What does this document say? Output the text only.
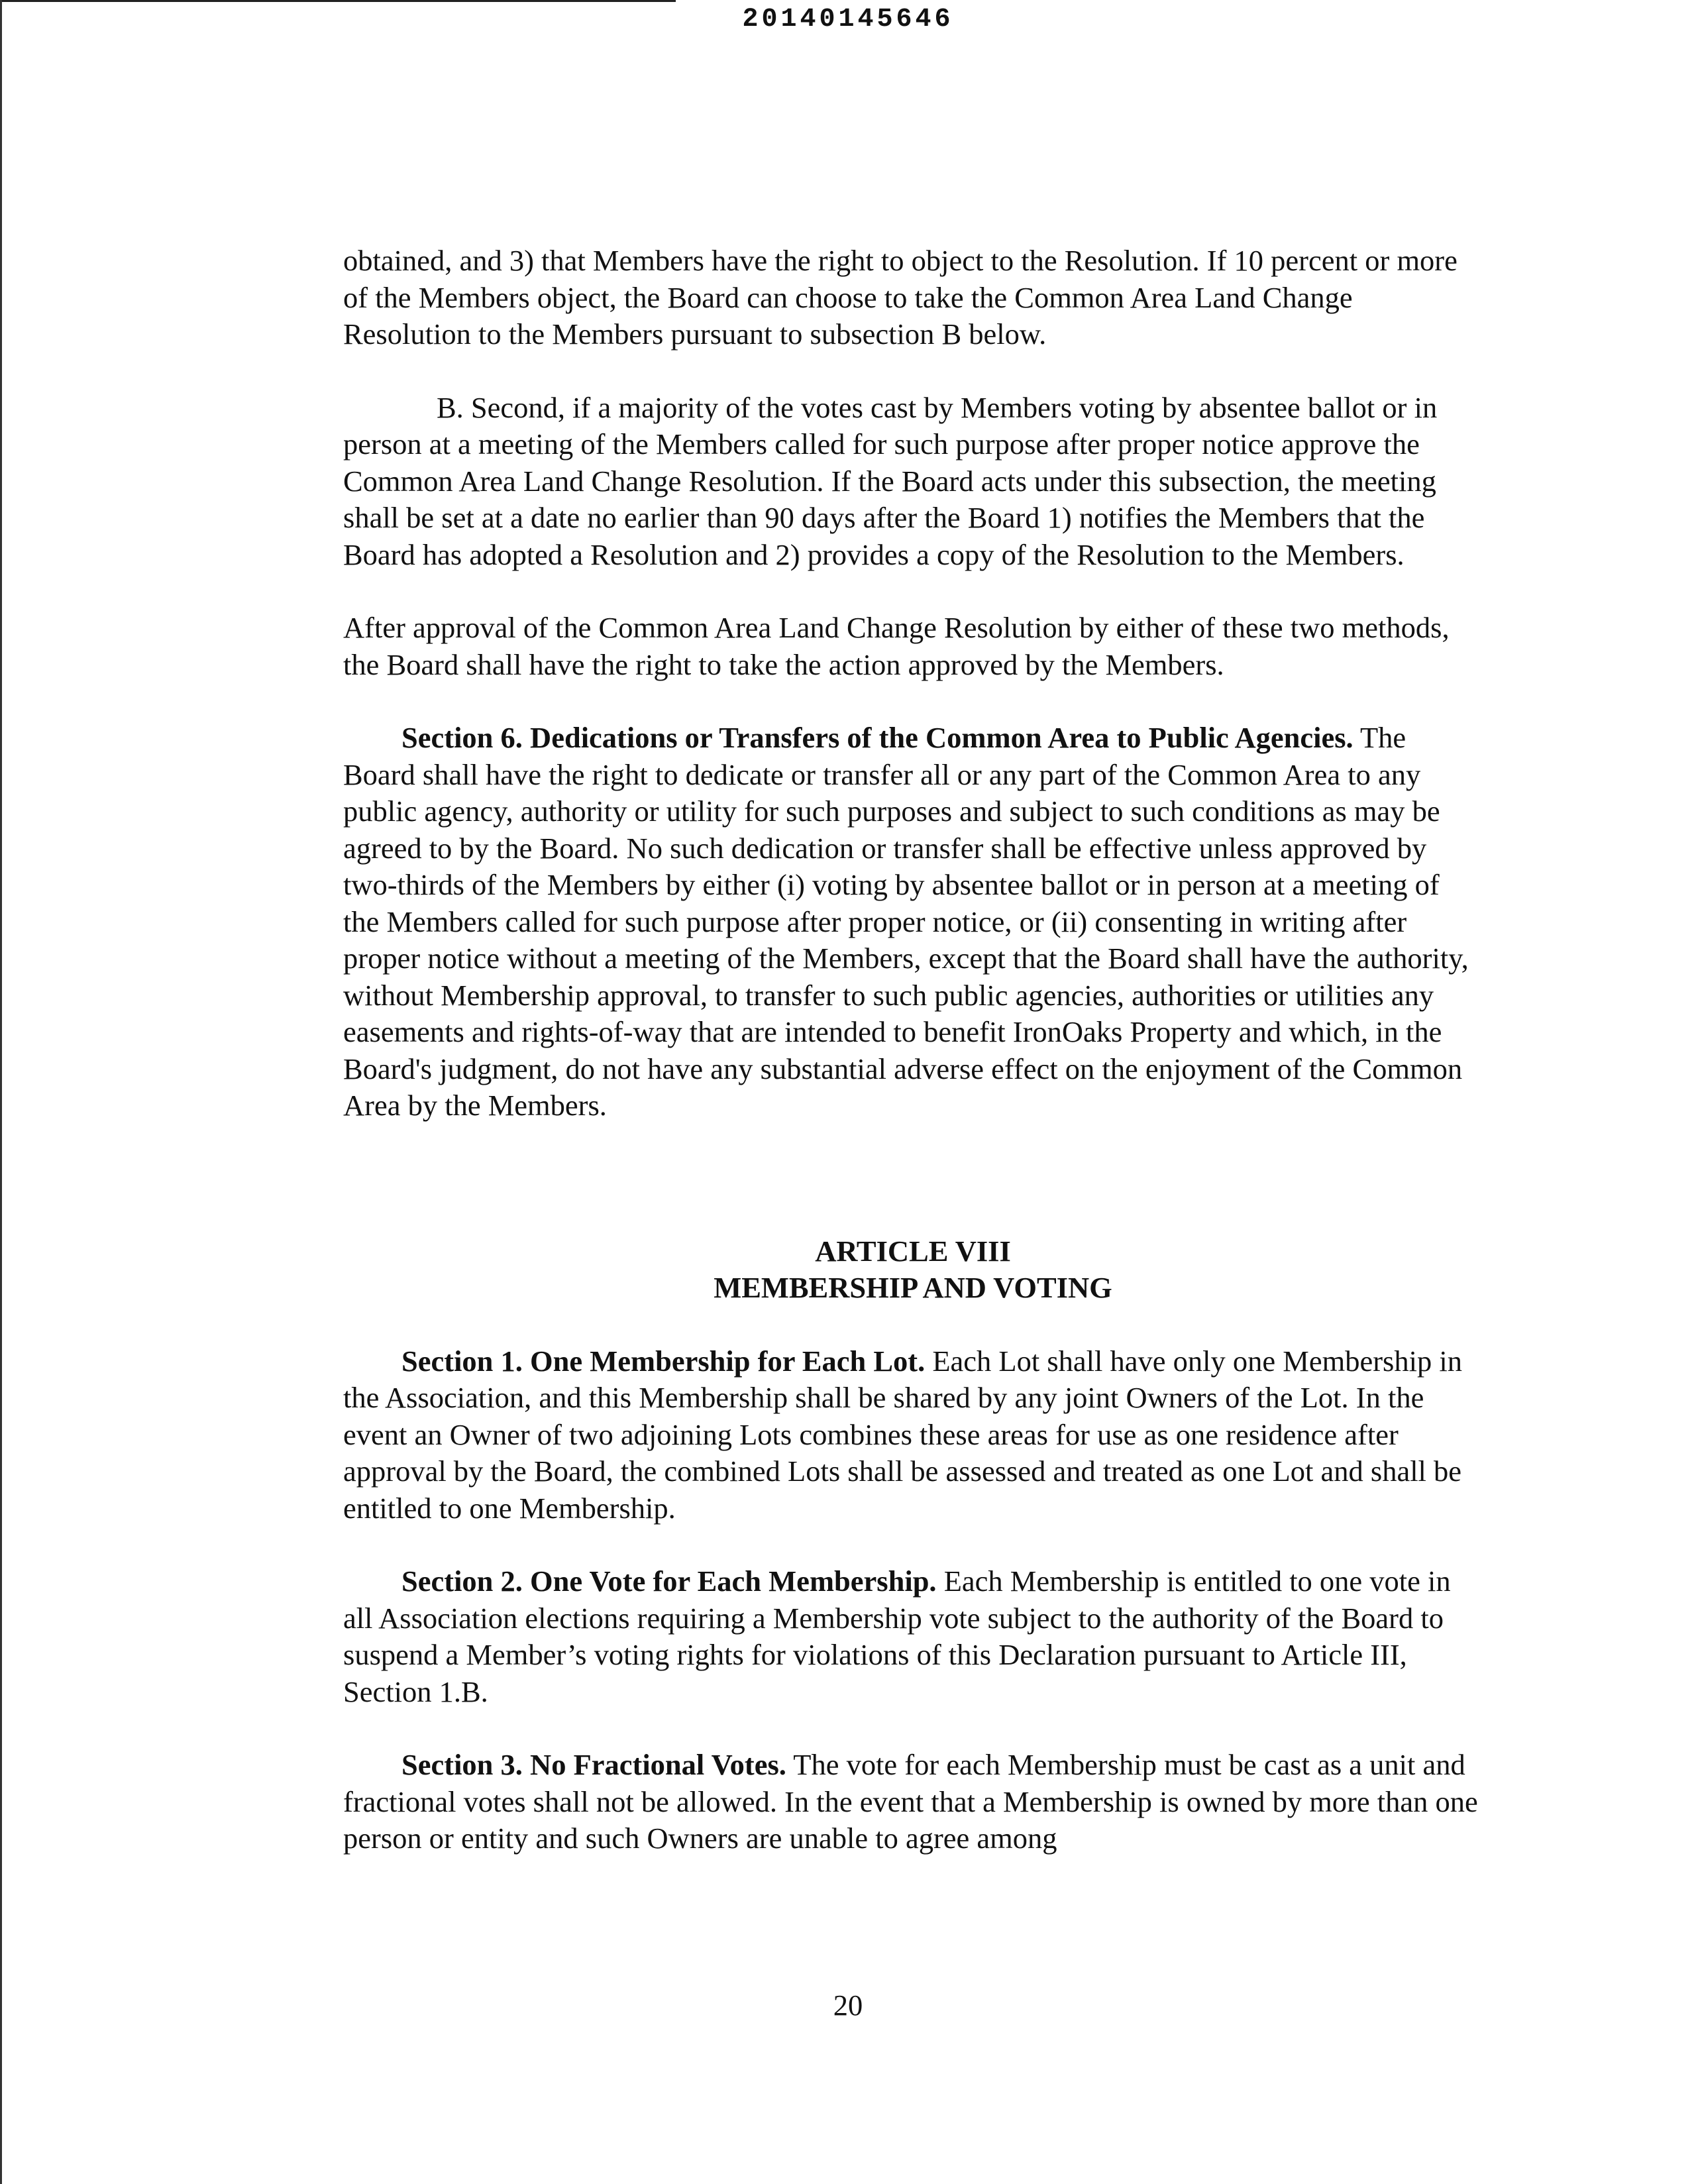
20140145646

obtained, and 3) that Members have the right to object to the Resolution. If 10 percent or more of the Members object, the Board can choose to take the Common Area Land Change Resolution to the Members pursuant to subsection B below.

B. Second, if a majority of the votes cast by Members voting by absentee ballot or in person at a meeting of the Members called for such purpose after proper notice approve the Common Area Land Change Resolution. If the Board acts under this subsection, the meeting shall be set at a date no earlier than 90 days after the Board 1) notifies the Members that the Board has adopted a Resolution and 2) provides a copy of the Resolution to the Members.

After approval of the Common Area Land Change Resolution by either of these two methods, the Board shall have the right to take the action approved by the Members.

Section 6. Dedications or Transfers of the Common Area to Public Agencies. The Board shall have the right to dedicate or transfer all or any part of the Common Area to any public agency, authority or utility for such purposes and subject to such conditions as may be agreed to by the Board. No such dedication or transfer shall be effective unless approved by two-thirds of the Members by either (i) voting by absentee ballot or in person at a meeting of the Members called for such purpose after proper notice, or (ii) consenting in writing after proper notice without a meeting of the Members, except that the Board shall have the authority, without Membership approval, to transfer to such public agencies, authorities or utilities any easements and rights-of-way that are intended to benefit IronOaks Property and which, in the Board's judgment, do not have any substantial adverse effect on the enjoyment of the Common Area by the Members.

ARTICLE VIII
MEMBERSHIP AND VOTING

Section 1. One Membership for Each Lot. Each Lot shall have only one Membership in the Association, and this Membership shall be shared by any joint Owners of the Lot. In the event an Owner of two adjoining Lots combines these areas for use as one residence after approval by the Board, the combined Lots shall be assessed and treated as one Lot and shall be entitled to one Membership.

Section 2. One Vote for Each Membership. Each Membership is entitled to one vote in all Association elections requiring a Membership vote subject to the authority of the Board to suspend a Member’s voting rights for violations of this Declaration pursuant to Article III, Section 1.B.

Section 3. No Fractional Votes. The vote for each Membership must be cast as a unit and fractional votes shall not be allowed. In the event that a Membership is owned by more than one person or entity and such Owners are unable to agree among

20
